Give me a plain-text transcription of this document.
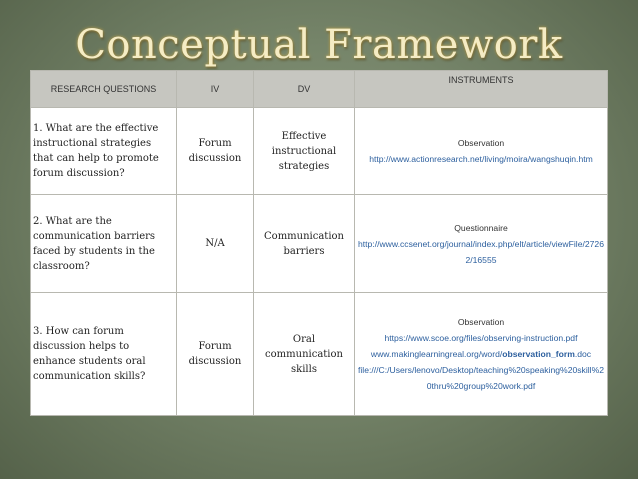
Conceptual Framework
RESEARCH QUESTIONS	IV	DV	INSTRUMENTS
1. What are the effective instructional strategies that can help to promote forum discussion?	Forum discussion	Effective instructional strategies	Observation
http://www.actionresearch.net/living/moira/wangshuqin.htm

2. What are the communication barriers faced by students in the classroom?	N/A	Communication barriers	Questionnaire
http://www.ccsenet.org/journal/index.php/elt/article/viewFile/27262/16555

3. How can forum discussion helps to enhance students oral communication skills?	Forum discussion	Oral communication skills	Observation
https://www.scoe.org/files/observing-instruction.pdf
www.makinglearningreal.org/word/observation_form.doc
file:///C:/Users/lenovo/Desktop/teaching%20speaking%20skill%20thru%20group%20work.pdf
